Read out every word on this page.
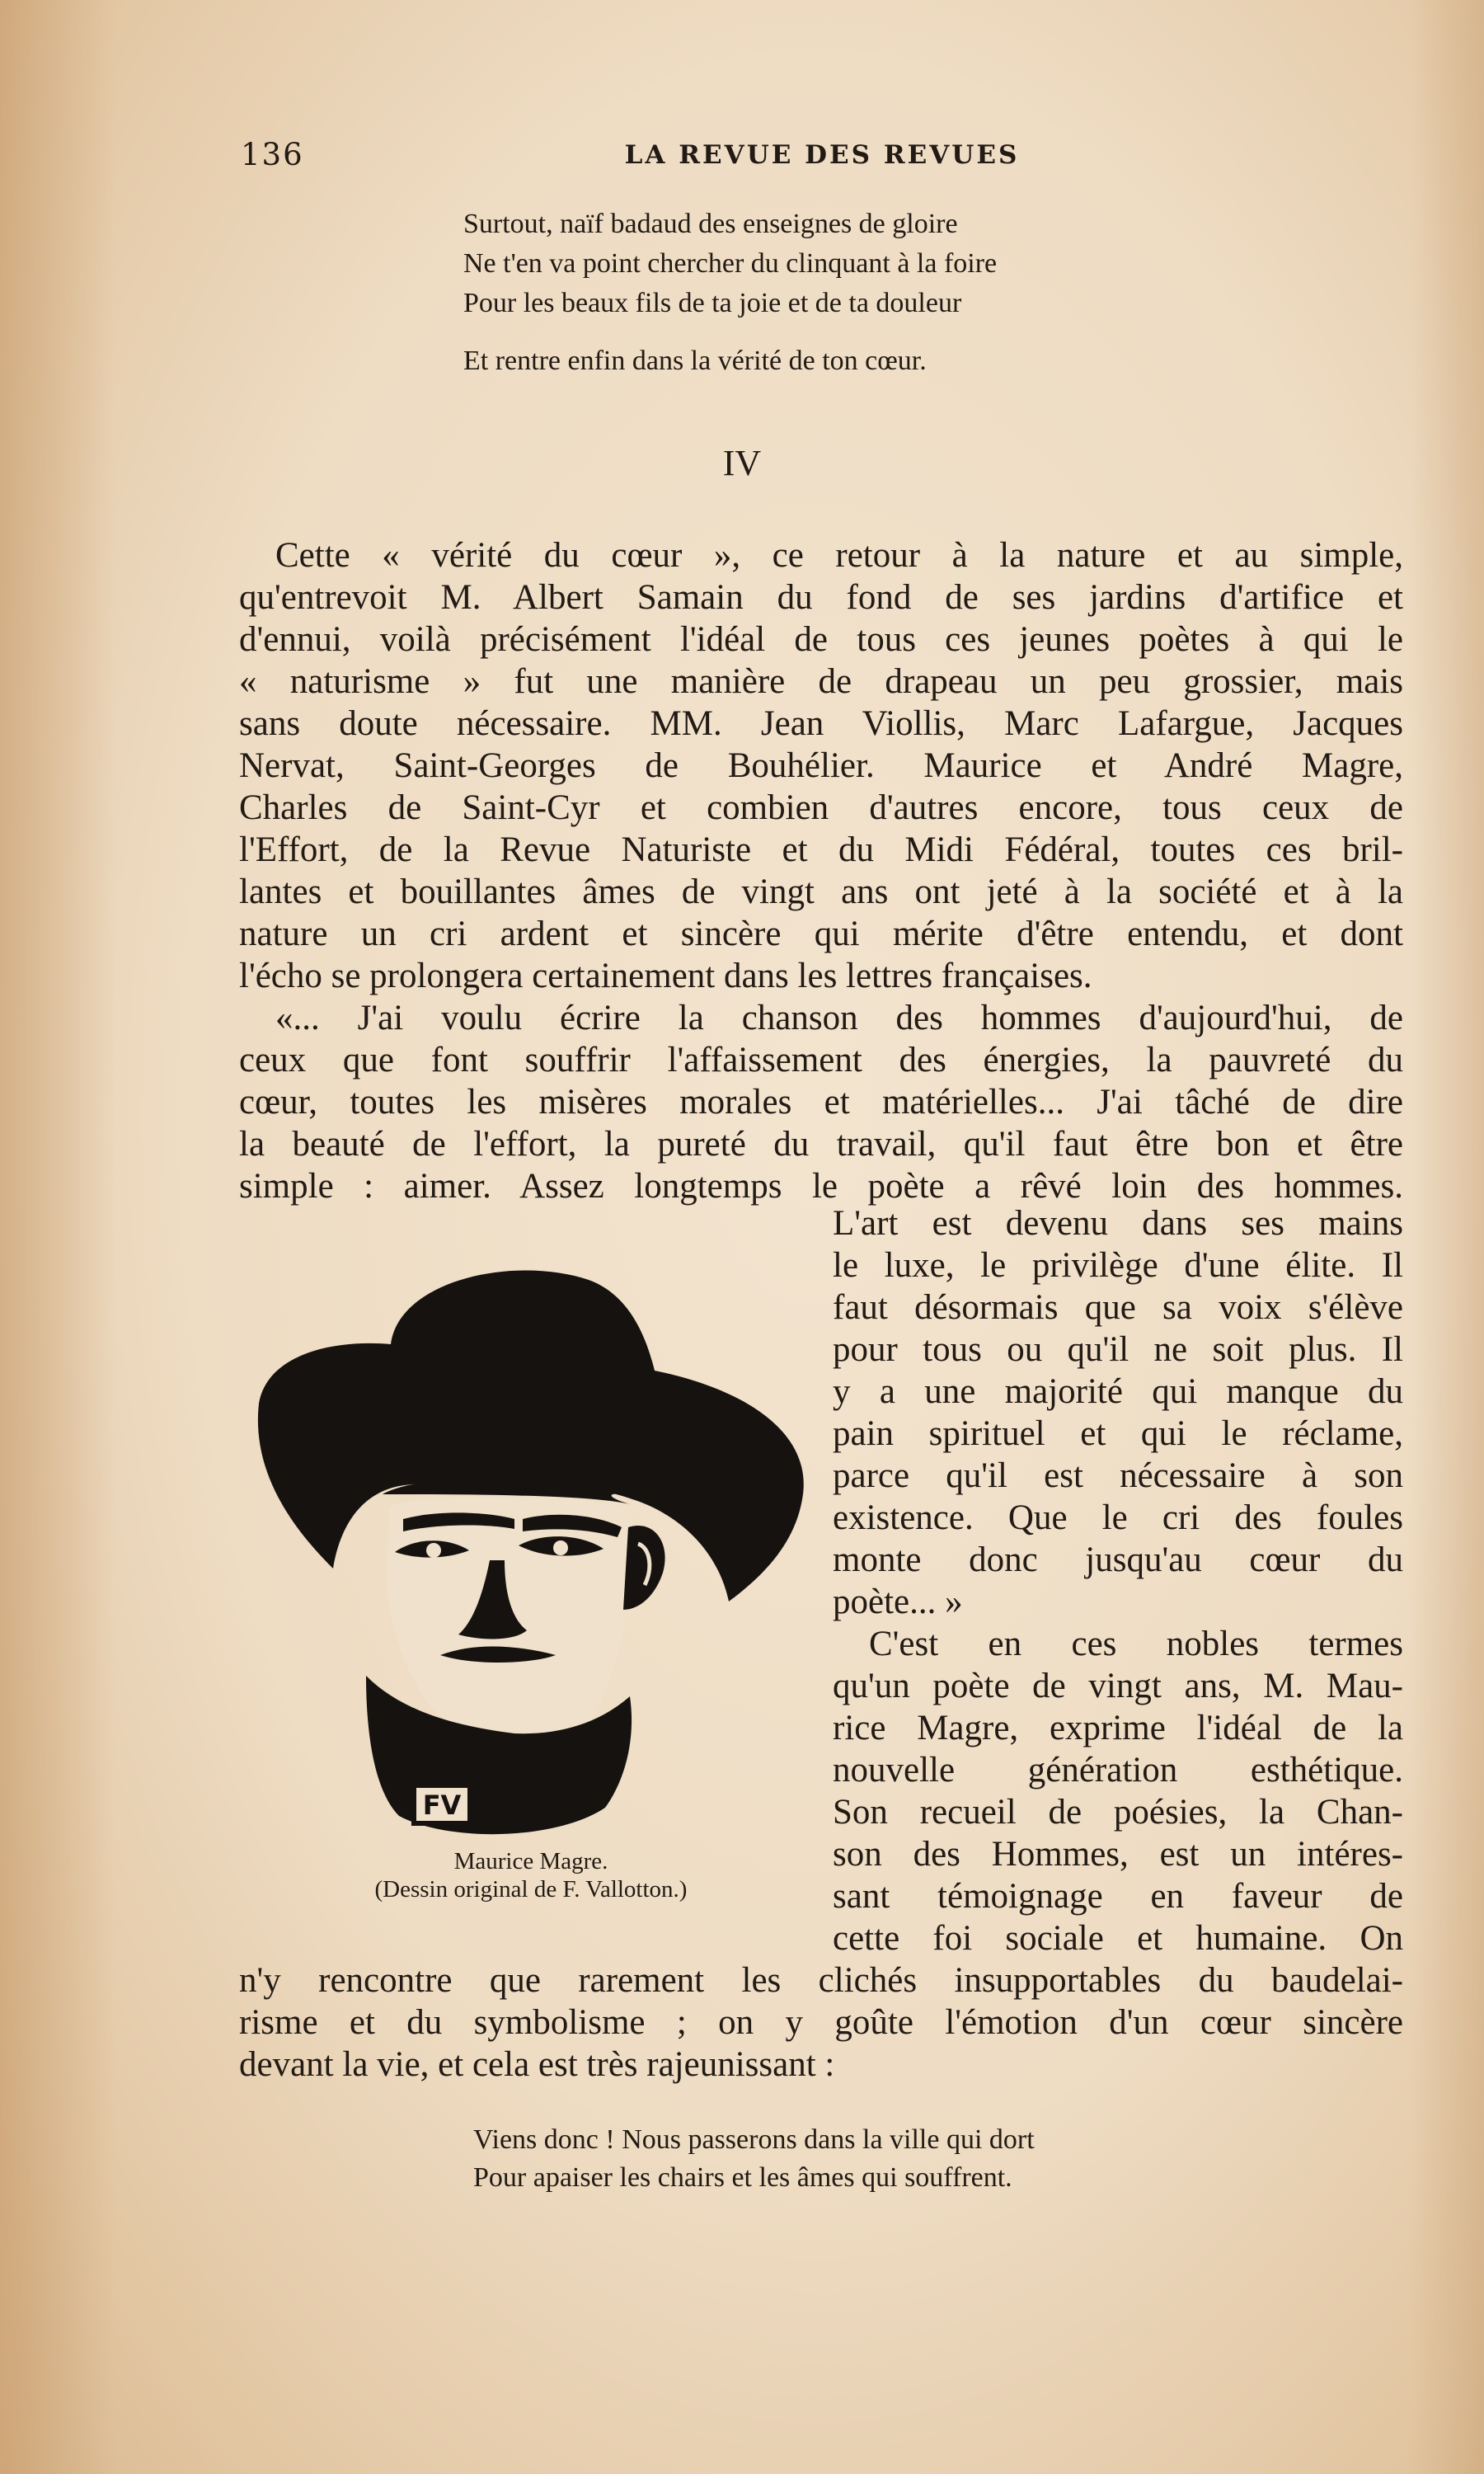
136	LA REVUE DES REVUES
Surtout, naïf badaud des enseignes de gloire
Ne t'en va point chercher du clinquant à la foire
Pour les beaux fils de ta joie et de ta douleur
Et rentre enfin dans la vérité de ton cœur.
IV
Cette « vérité du cœur », ce retour à la nature et au simple,
qu'entrevoit M. Albert Samain du fond de ses jardins d'artifice et
d'ennui, voilà précisément l'idéal de tous ces jeunes poètes à qui le
« naturisme » fut une manière de drapeau un peu grossier, mais
sans doute nécessaire. MM. Jean Viollis, Marc Lafargue, Jacques
Nervat, Saint-Georges de Bouhélier. Maurice et André Magre,
Charles de Saint-Cyr et combien d'autres encore, tous ceux de
l'Effort, de la Revue Naturiste et du Midi Fédéral, toutes ces bril-
lantes et bouillantes âmes de vingt ans ont jeté à la société et à la
nature un cri ardent et sincère qui mérite d'être entendu, et dont
l'écho se prolongera certainement dans les lettres françaises.
«... J'ai voulu écrire la chanson des hommes d'aujourd'hui, de
ceux que font souffrir l'affaissement des énergies, la pauvreté du
cœur, toutes les misères morales et matérielles... J'ai tâché de dire
la beauté de l'effort, la pureté du travail, qu'il faut être bon et être
simple : aimer. Assez longtemps le poète a rêvé loin des hommes.
FV
Maurice Magre.
(Dessin original de F. Vallotton.)
L'art est devenu dans ses mains
le luxe, le privilège d'une élite. Il
faut désormais que sa voix s'élève
pour tous ou qu'il ne soit plus. Il
y a une majorité qui manque du
pain spirituel et qui le réclame,
parce qu'il est nécessaire à son
existence. Que le cri des foules
monte donc jusqu'au cœur du
poète... »
C'est en ces nobles termes
qu'un poète de vingt ans, M. Mau-
rice Magre, exprime l'idéal de la
nouvelle génération esthétique.
Son recueil de poésies, la Chan-
son des Hommes, est un intéres-
sant témoignage en faveur de
cette foi sociale et humaine. On
n'y rencontre que rarement les clichés insupportables du baudelai-
risme et du symbolisme ; on y goûte l'émotion d'un cœur sincère
devant la vie, et cela est très rajeunissant :
Viens donc ! Nous passerons dans la ville qui dort
Pour apaiser les chairs et les âmes qui souffrent.
